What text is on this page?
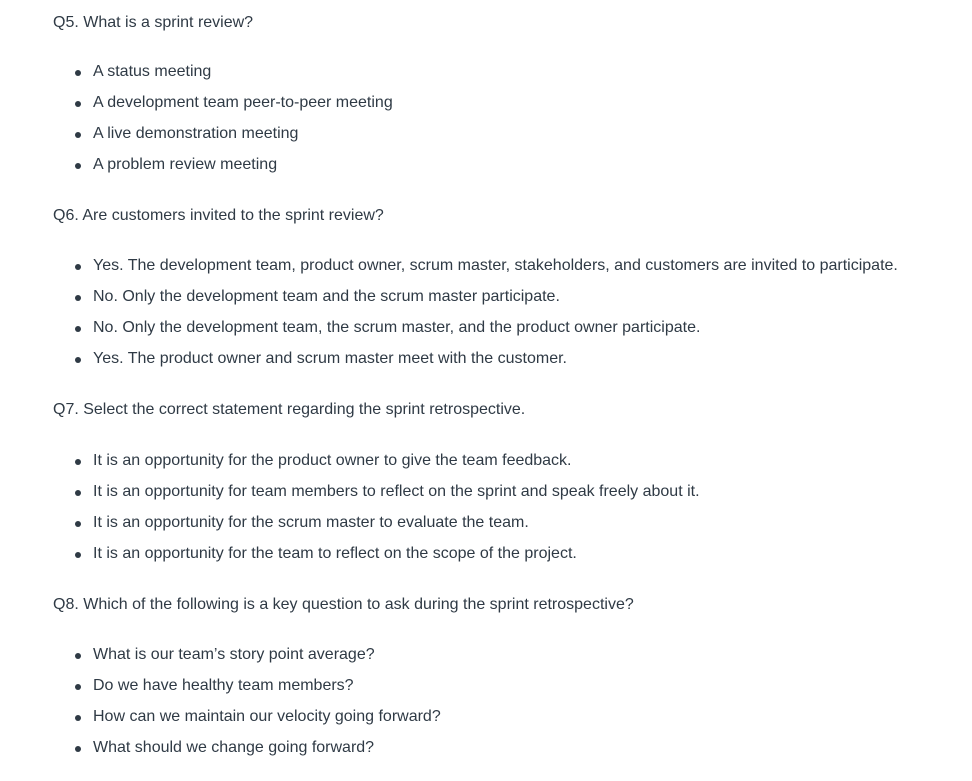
Q5. What is a sprint review?
A status meeting
A development team peer-to-peer meeting
A live demonstration meeting
A problem review meeting
Q6. Are customers invited to the sprint review?
Yes. The development team, product owner, scrum master, stakeholders, and customers are invited to participate.
No. Only the development team and the scrum master participate.
No. Only the development team, the scrum master, and the product owner participate.
Yes. The product owner and scrum master meet with the customer.
Q7. Select the correct statement regarding the sprint retrospective.
It is an opportunity for the product owner to give the team feedback.
It is an opportunity for team members to reflect on the sprint and speak freely about it.
It is an opportunity for the scrum master to evaluate the team.
It is an opportunity for the team to reflect on the scope of the project.
Q8. Which of the following is a key question to ask during the sprint retrospective?
What is our team’s story point average?
Do we have healthy team members?
How can we maintain our velocity going forward?
What should we change going forward?
